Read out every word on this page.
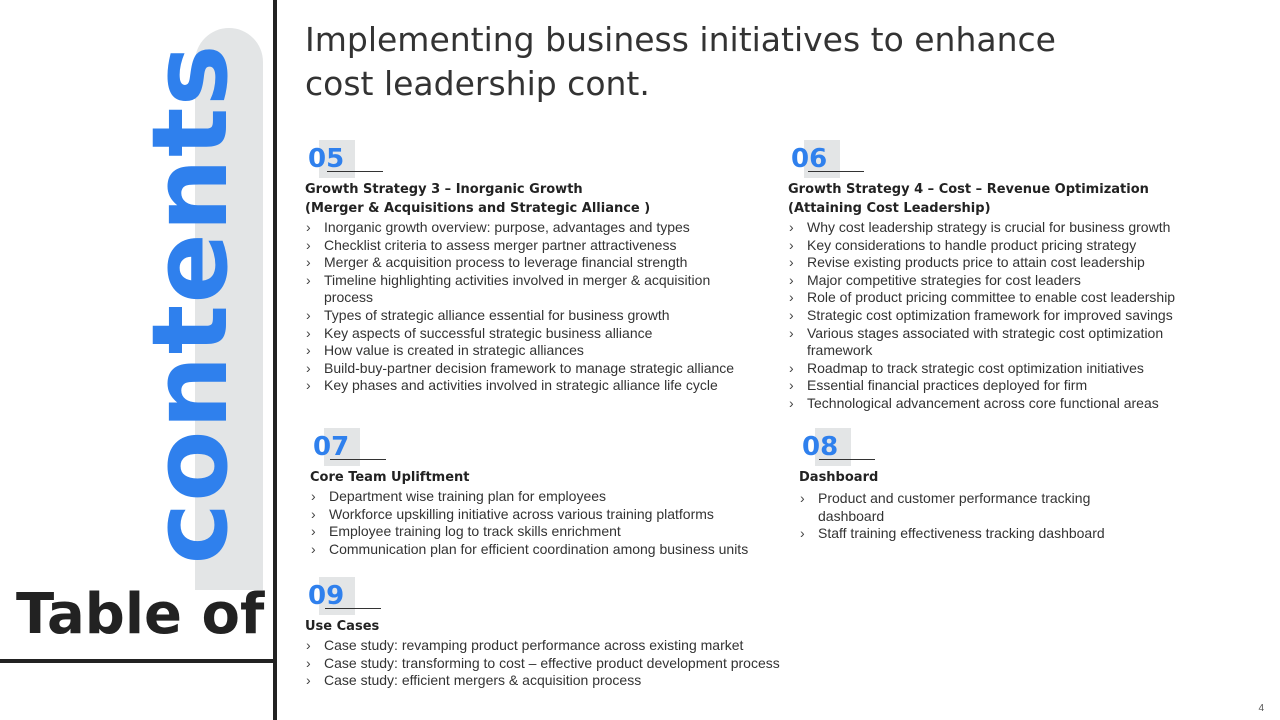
contents
Table of
Implementing business initiatives to enhance cost leadership cont.
05
Growth Strategy 3 – Inorganic Growth
(Merger & Acquisitions and Strategic Alliance )
› Inorganic growth overview: purpose, advantages and types
› Checklist criteria to assess merger partner attractiveness
› Merger & acquisition process to leverage financial strength
› Timeline highlighting activities involved in merger & acquisition process
› Types of strategic alliance essential for business growth
› Key aspects of successful strategic business alliance
› How value is created in strategic alliances
› Build-buy-partner decision framework to manage strategic alliance
› Key phases and activities involved in strategic alliance life cycle
06
Growth Strategy 4 – Cost – Revenue Optimization
(Attaining Cost Leadership)
› Why cost leadership strategy is crucial for business growth
› Key considerations to handle product pricing strategy
› Revise existing products price to attain cost leadership
› Major competitive strategies for cost leaders
› Role of product pricing committee to enable cost leadership
› Strategic cost optimization framework for improved savings
› Various stages associated with strategic cost optimization framework
› Roadmap to track strategic cost optimization initiatives
› Essential financial practices deployed for firm
› Technological advancement across core functional areas
07
Core Team Upliftment
› Department wise training plan for employees
› Workforce upskilling initiative across various training platforms
› Employee training log to track skills enrichment
› Communication plan for efficient coordination among business units
08
Dashboard
› Product and customer performance tracking dashboard
› Staff training effectiveness tracking dashboard
09
Use Cases
› Case study: revamping product performance across existing market
› Case study: transforming to cost – effective product development process
› Case study: efficient mergers & acquisition process
4
